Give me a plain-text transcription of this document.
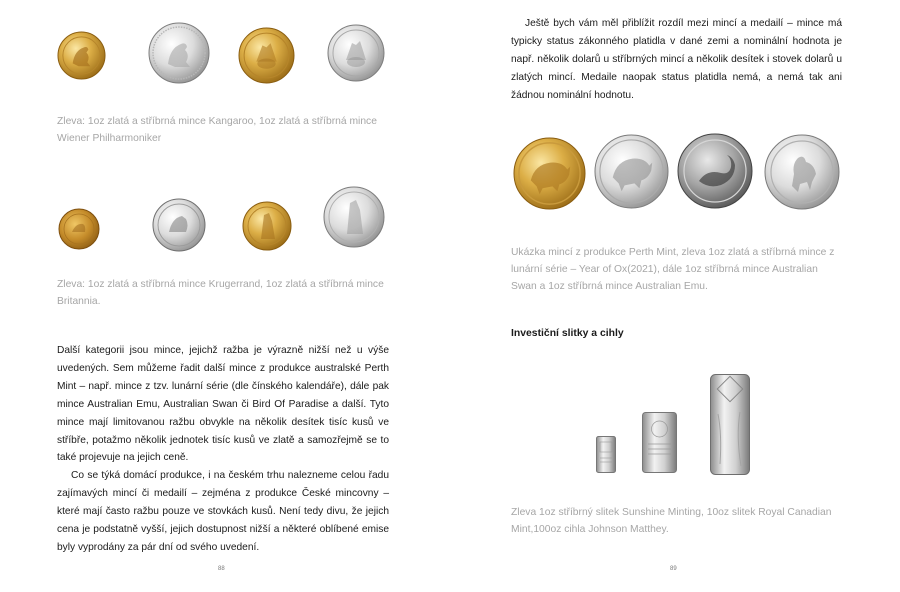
Zleva: 1oz zlatá a stříbrná mince Kangaroo, 1oz zlatá a stříbrná mince Wiener Philharmoniker
Zleva: 1oz zlatá a stříbrná mince Krugerrand, 1oz zlatá a stříbrná mince Britannia.

Další kategorii jsou mince, jejichž ražba je výrazně nižší než u výše uvedených. Sem můžeme řadit další mince z produkce australské Perth Mint – např. mince z tzv. lunární série (dle čínského kalendáře), dále pak mince Australian Emu, Australian Swan či Bird Of Paradise a další. Tyto mince mají limitovanou ražbu obvykle na několik desítek tisíc kusů ve stříbře, potažmo několik jednotek tisíc kusů ve zlatě a samozřejmě se to také projevuje na jejich ceně.

Co se týká domácí produkce, i na českém trhu nalezneme celou řadu zajímavých mincí či medailí – zejména z produkce České mincovny – které mají často ražbu pouze ve stovkách kusů. Není tedy divu, že jejich cena je podstatně vyšší, jejich dostupnost nižší a některé oblíbené emise byly vyprodány za pár dní od svého uvedení.

88

Ještě bych vám měl přiblížit rozdíl mezi mincí a medailí – mince má typicky status zákonného platidla v dané zemi a nominální hodnota je např. několik dolarů u stříbrných mincí a několik desítek i stovek dolarů u zlatých mincí. Medaile naopak status platidla nemá, a nemá tak ani žádnou nominální hodnotu.

Ukázka mincí z produkce Perth Mint, zleva 1oz zlatá a stříbrná mince z lunární série – Year of Ox(2021), dále 1oz stříbrná mince Australian Swan a 1oz stříbrná mince Australian Emu.
Investiční slitky a cihly
Zleva 1oz stříbrný slitek Sunshine Minting, 10oz slitek Royal Canadian Mint,100oz cihla Johnson Matthey.
89
